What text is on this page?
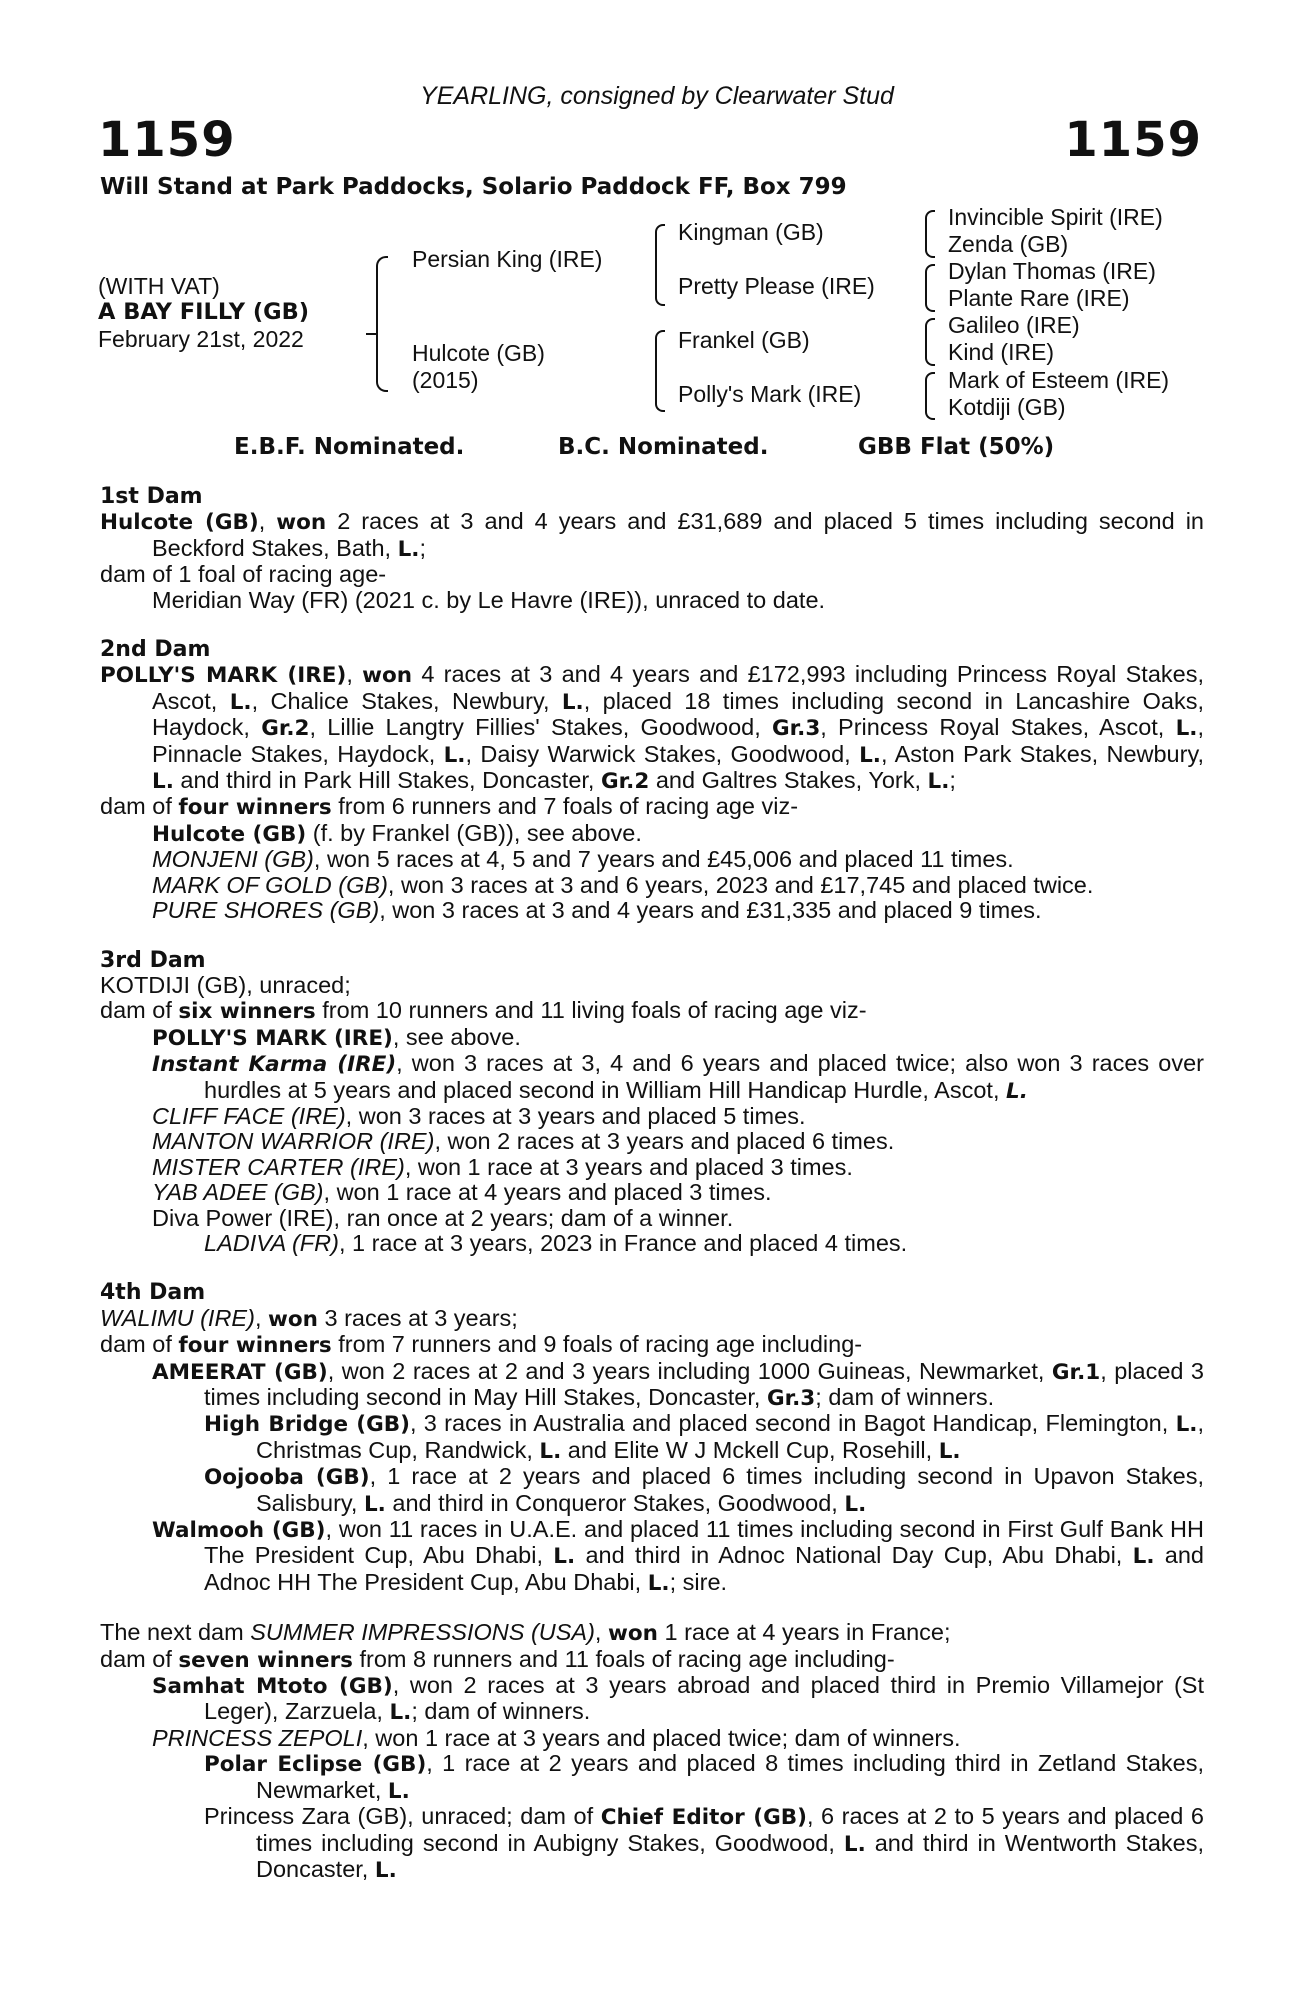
YEARLING, consigned by Clearwater Stud
1159	1159
Will Stand at Park Paddocks, Solario Paddock FF, Box 799
(WITH VAT)
A BAY FILLY (GB)
February 21st, 2022
Persian King (IRE)
Hulcote (GB)
(2015)
Kingman (GB)
Pretty Please (IRE)
Frankel (GB)
Polly's Mark (IRE)
Invincible Spirit (IRE)
Zenda (GB)
Dylan Thomas (IRE)
Plante Rare (IRE)
Galileo (IRE)
Kind (IRE)
Mark of Esteem (IRE)
Kotdiji (GB)
E.B.F. Nominated.	B.C. Nominated.	GBB Flat (50%)
1st Dam

Hulcote (GB), won 2 races at 3 and 4 years and £31,689 and placed 5 times including second in Beckford Stakes, Bath, L.;

dam of 1 foal of racing age-

Meridian Way (FR) (2021 c. by Le Havre (IRE)), unraced to date.

2nd Dam

POLLY'S MARK (IRE), won 4 races at 3 and 4 years and £172,993 including Princess Royal Stakes, Ascot, L., Chalice Stakes, Newbury, L., placed 18 times including second in Lancashire Oaks, Haydock, Gr.2, Lillie Langtry Fillies' Stakes, Goodwood, Gr.3, Princess Royal Stakes, Ascot, L., Pinnacle Stakes, Haydock, L., Daisy Warwick Stakes, Goodwood, L., Aston Park Stakes, Newbury, L. and third in Park Hill Stakes, Doncaster, Gr.2 and Galtres Stakes, York, L.;

dam of four winners from 6 runners and 7 foals of racing age viz-

Hulcote (GB) (f. by Frankel (GB)), see above.

MONJENI (GB), won 5 races at 4, 5 and 7 years and £45,006 and placed 11 times.

MARK OF GOLD (GB), won 3 races at 3 and 6 years, 2023 and £17,745 and placed twice.

PURE SHORES (GB), won 3 races at 3 and 4 years and £31,335 and placed 9 times.

3rd Dam

KOTDIJI (GB), unraced;

dam of six winners from 10 runners and 11 living foals of racing age viz-

POLLY'S MARK (IRE), see above.

Instant Karma (IRE), won 3 races at 3, 4 and 6 years and placed twice; also won 3 races over hurdles at 5 years and placed second in William Hill Handicap Hurdle, Ascot, L.

CLIFF FACE (IRE), won 3 races at 3 years and placed 5 times.

MANTON WARRIOR (IRE), won 2 races at 3 years and placed 6 times.

MISTER CARTER (IRE), won 1 race at 3 years and placed 3 times.

YAB ADEE (GB), won 1 race at 4 years and placed 3 times.

Diva Power (IRE), ran once at 2 years; dam of a winner.

LADIVA (FR), 1 race at 3 years, 2023 in France and placed 4 times.

4th Dam

WALIMU (IRE), won 3 races at 3 years;

dam of four winners from 7 runners and 9 foals of racing age including-

AMEERAT (GB), won 2 races at 2 and 3 years including 1000 Guineas, Newmarket, Gr.1, placed 3 times including second in May Hill Stakes, Doncaster, Gr.3; dam of winners.

High Bridge (GB), 3 races in Australia and placed second in Bagot Handicap, Flemington, L., Christmas Cup, Randwick, L. and Elite W J Mckell Cup, Rosehill, L.

Oojooba (GB), 1 race at 2 years and placed 6 times including second in Upavon Stakes, Salisbury, L. and third in Conqueror Stakes, Goodwood, L.

Walmooh (GB), won 11 races in U.A.E. and placed 11 times including second in First Gulf Bank HH The President Cup, Abu Dhabi, L. and third in Adnoc National Day Cup, Abu Dhabi, L. and Adnoc HH The President Cup, Abu Dhabi, L.; sire.

The next dam SUMMER IMPRESSIONS (USA), won 1 race at 4 years in France;

dam of seven winners from 8 runners and 11 foals of racing age including-

Samhat Mtoto (GB), won 2 races at 3 years abroad and placed third in Premio Villamejor (St Leger), Zarzuela, L.; dam of winners.

PRINCESS ZEPOLI, won 1 race at 3 years and placed twice; dam of winners.

Polar Eclipse (GB), 1 race at 2 years and placed 8 times including third in Zetland Stakes, Newmarket, L.

Princess Zara (GB), unraced; dam of Chief Editor (GB), 6 races at 2 to 5 years and placed 6 times including second in Aubigny Stakes, Goodwood, L. and third in Wentworth Stakes, Doncaster, L.
